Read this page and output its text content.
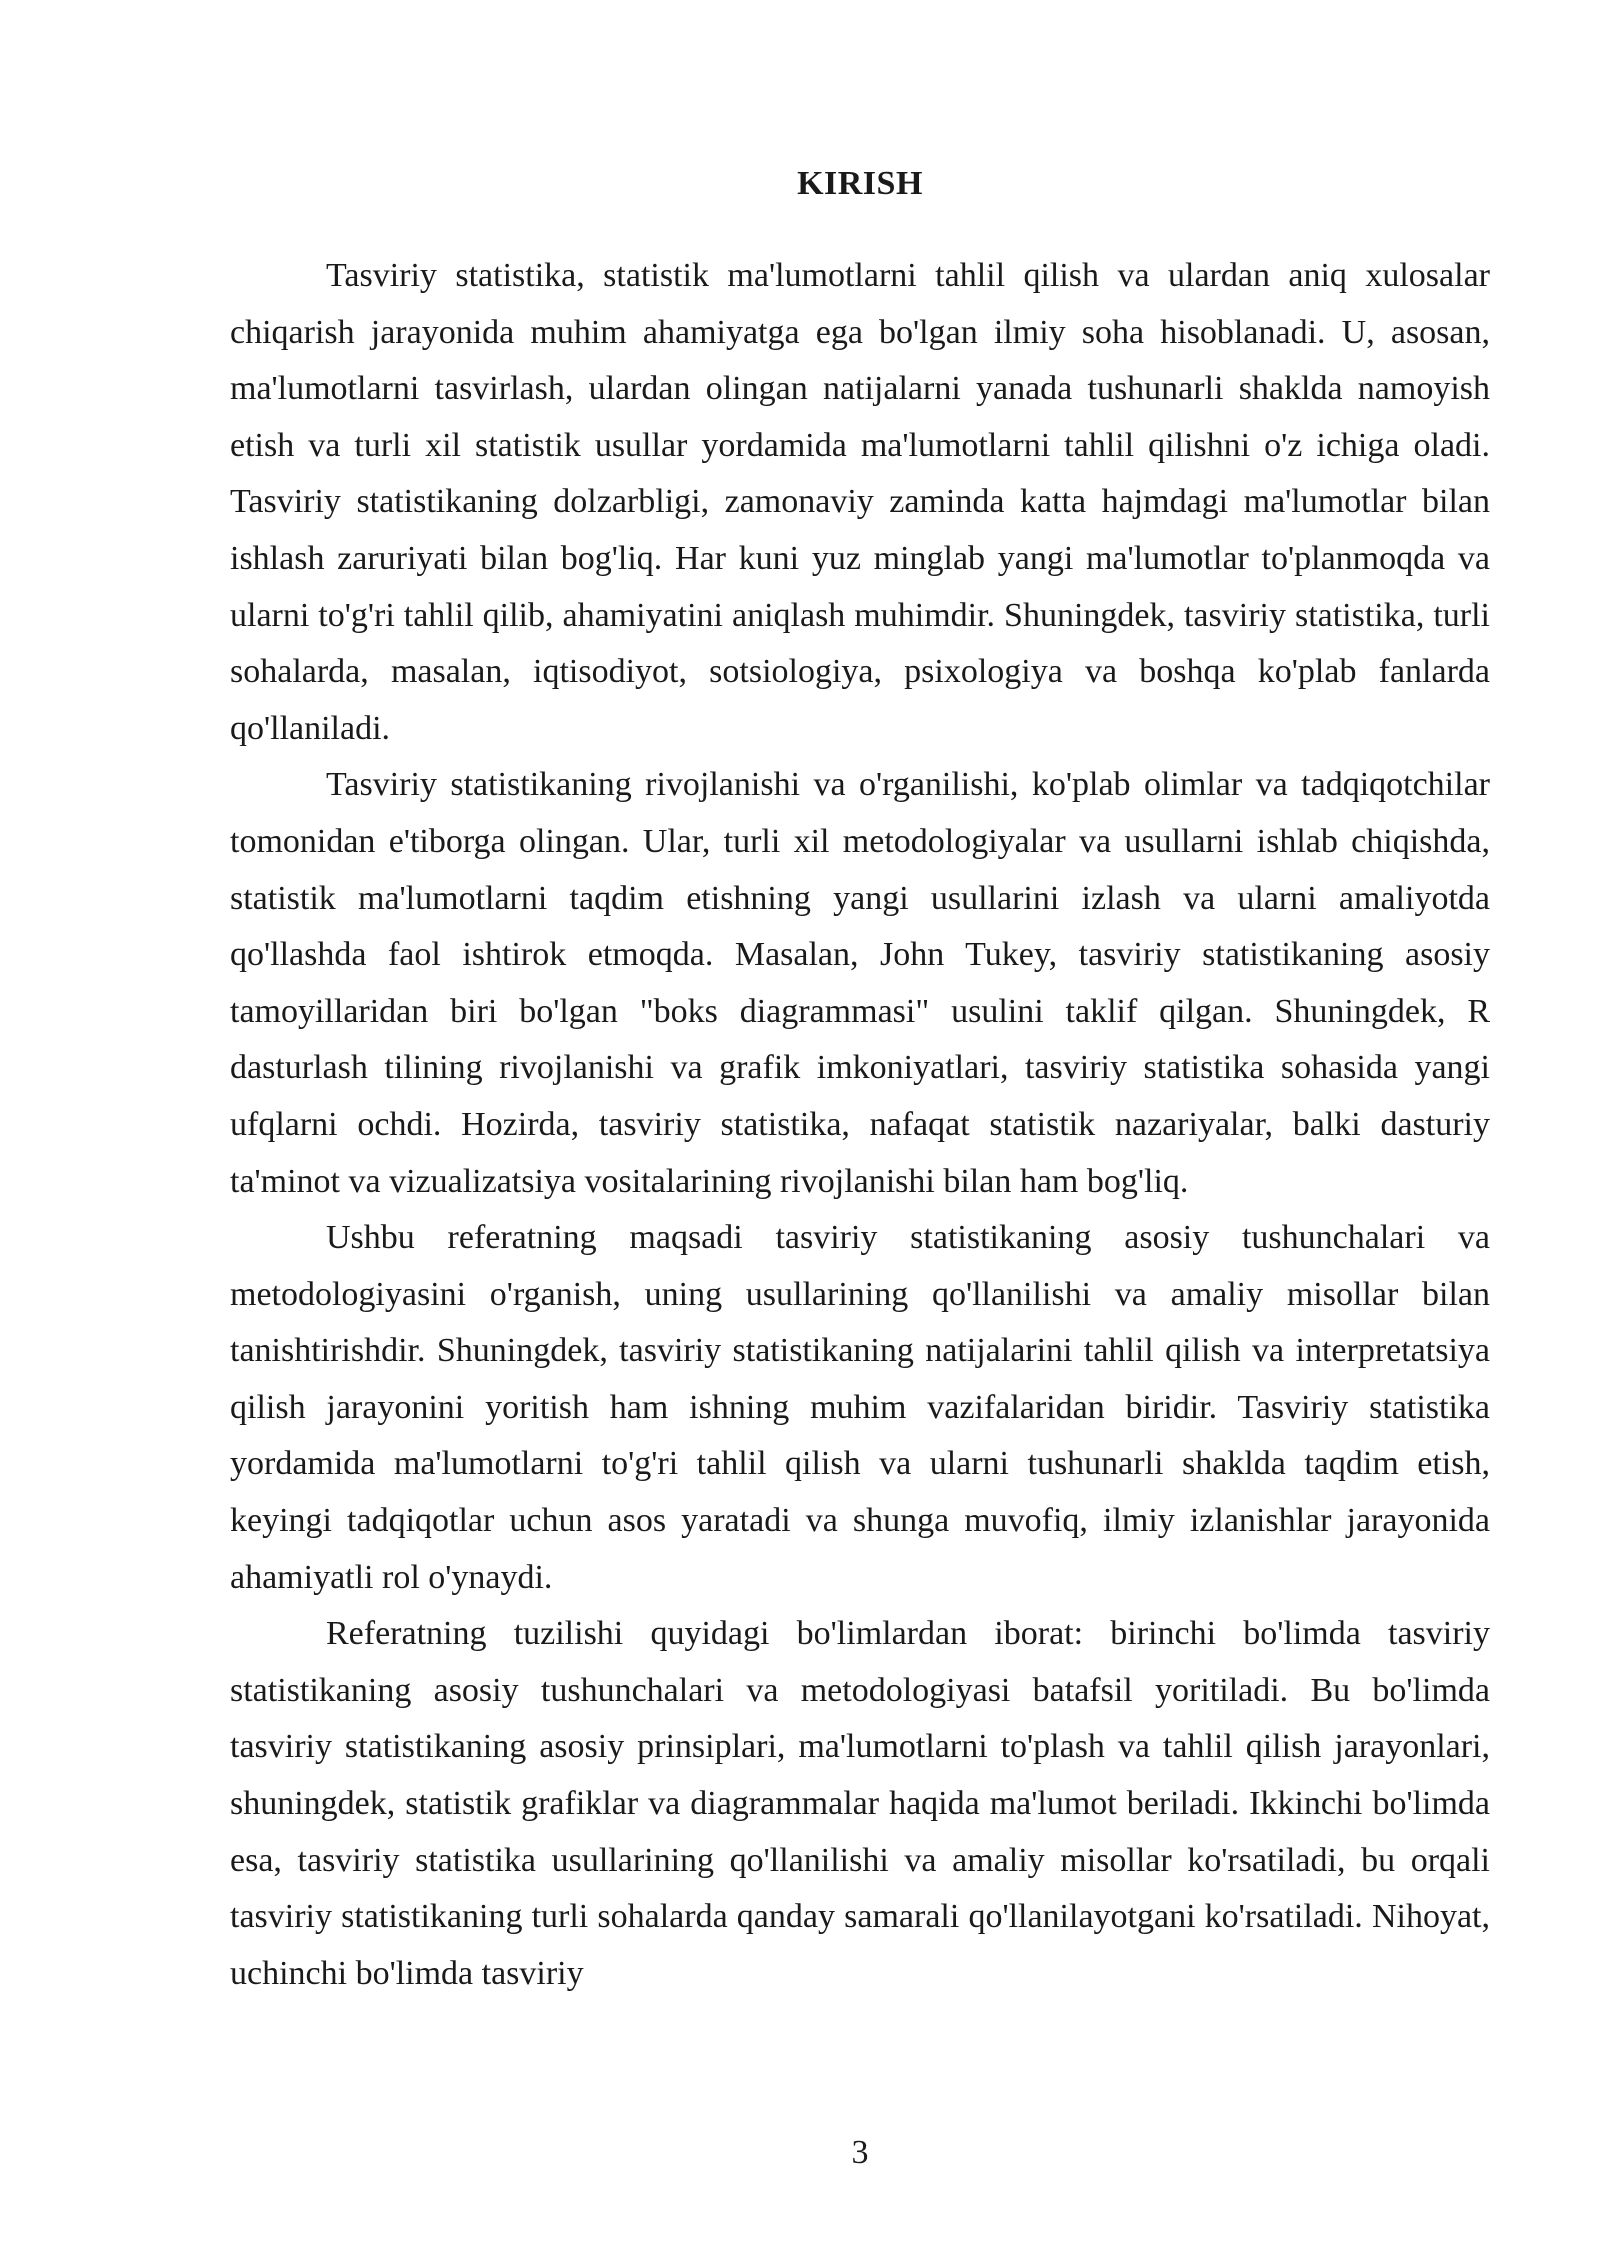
KIRISH

Tasviriy statistika, statistik ma'lumotlarni tahlil qilish va ulardan aniq xulosalar chiqarish jarayonida muhim ahamiyatga ega bo'lgan ilmiy soha hisoblanadi. U, asosan, ma'lumotlarni tasvirlash, ulardan olingan natijalarni yanada tushunarli shaklda namoyish etish va turli xil statistik usullar yordamida ma'lumotlarni tahlil qilishni o'z ichiga oladi. Tasviriy statistikaning dolzarbligi, zamonaviy zaminda katta hajmdagi ma'lumotlar bilan ishlash zaruriyati bilan bog'liq. Har kuni yuz minglab yangi ma'lumotlar to'planmoqda va ularni to'g'ri tahlil qilib, ahamiyatini aniqlash muhimdir. Shuningdek, tasviriy statistika, turli sohalarda, masalan, iqtisodiyot, sotsiologiya, psixologiya va boshqa ko'plab fanlarda qo'llaniladi.

Tasviriy statistikaning rivojlanishi va o'rganilishi, ko'plab olimlar va tadqiqotchilar tomonidan e'tiborga olingan. Ular, turli xil metodologiyalar va usullarni ishlab chiqishda, statistik ma'lumotlarni taqdim etishning yangi usullarini izlash va ularni amaliyotda qo'llashda faol ishtirok etmoqda. Masalan, John Tukey, tasviriy statistikaning asosiy tamoyillaridan biri bo'lgan "boks diagrammasi" usulini taklif qilgan. Shuningdek, R dasturlash tilining rivojlanishi va grafik imkoniyatlari, tasviriy statistika sohasida yangi ufqlarni ochdi. Hozirda, tasviriy statistika, nafaqat statistik nazariyalar, balki dasturiy ta'minot va vizualizatsiya vositalarining rivojlanishi bilan ham bog'liq.

Ushbu referatning maqsadi tasviriy statistikaning asosiy tushunchalari va metodologiyasini o'rganish, uning usullarining qo'llanilishi va amaliy misollar bilan tanishtirishdir. Shuningdek, tasviriy statistikaning natijalarini tahlil qilish va interpretatsiya qilish jarayonini yoritish ham ishning muhim vazifalaridan biridir. Tasviriy statistika yordamida ma'lumotlarni to'g'ri tahlil qilish va ularni tushunarli shaklda taqdim etish, keyingi tadqiqotlar uchun asos yaratadi va shunga muvofiq, ilmiy izlanishlar jarayonida ahamiyatli rol o'ynaydi.

Referatning tuzilishi quyidagi bo'limlardan iborat: birinchi bo'limda tasviriy statistikaning asosiy tushunchalari va metodologiyasi batafsil yoritiladi. Bu bo'limda tasviriy statistikaning asosiy prinsiplari, ma'lumotlarni to'plash va tahlil qilish jarayonlari, shuningdek, statistik grafiklar va diagrammalar haqida ma'lumot beriladi. Ikkinchi bo'limda esa, tasviriy statistika usullarining qo'llanilishi va amaliy misollar ko'rsatiladi, bu orqali tasviriy statistikaning turli sohalarda qanday samarali qo'llanilayotgani ko'rsatiladi. Nihoyat, uchinchi bo'limda tasviriy

3
